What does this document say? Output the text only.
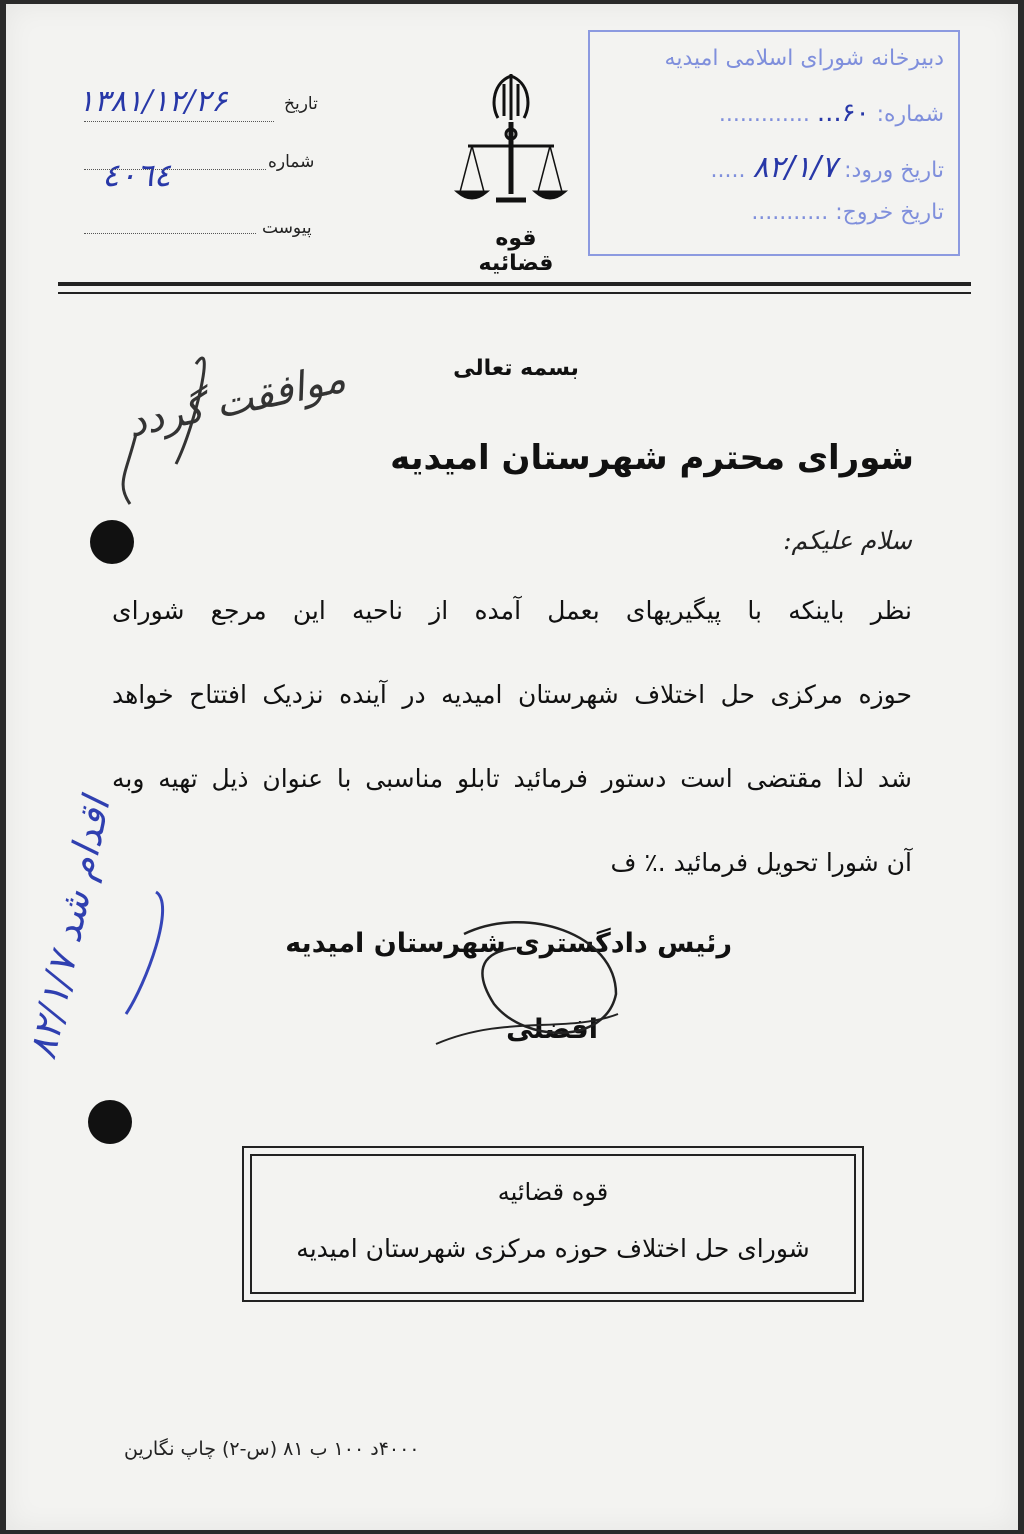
تاریخ
۱۳۸۱/۱۲/۲۶
شماره
٤٠٦٤
پیوست	قوه قضائیه
دبیرخانه شورای اسلامی امیدیه
شماره: ۶۰... .............
تاریخ ورود: ۸۲/۱/۷ .....
تاریخ خروج: ...........
موافقت گردد
اقدام شد ۸۲/۱/۷
بسمه تعالی
شورای محترم شهرستان امیدیه
سلام علیکم:
نظر باینکه با پیگیریهای بعمل آمده از ناحیه این مرجع شورای
حوزه مرکزی حل اختلاف شهرستان امیدیه در آینده نزدیک افتتاح خواهد
شد لذا مقتضی است دستور فرمائید تابلو مناسبی با عنوان ذیل تهیه وبه
آن شورا تحویل فرمائید .٪ ف
رئیس دادگستری شهرستان امیدیه
افضلی
قوه قضائیه
شورای حل اختلاف حوزه مرکزی شهرستان امیدیه
۴۰۰۰د ۱۰۰ ب ۸۱ (س-۲) چاپ نگارین
